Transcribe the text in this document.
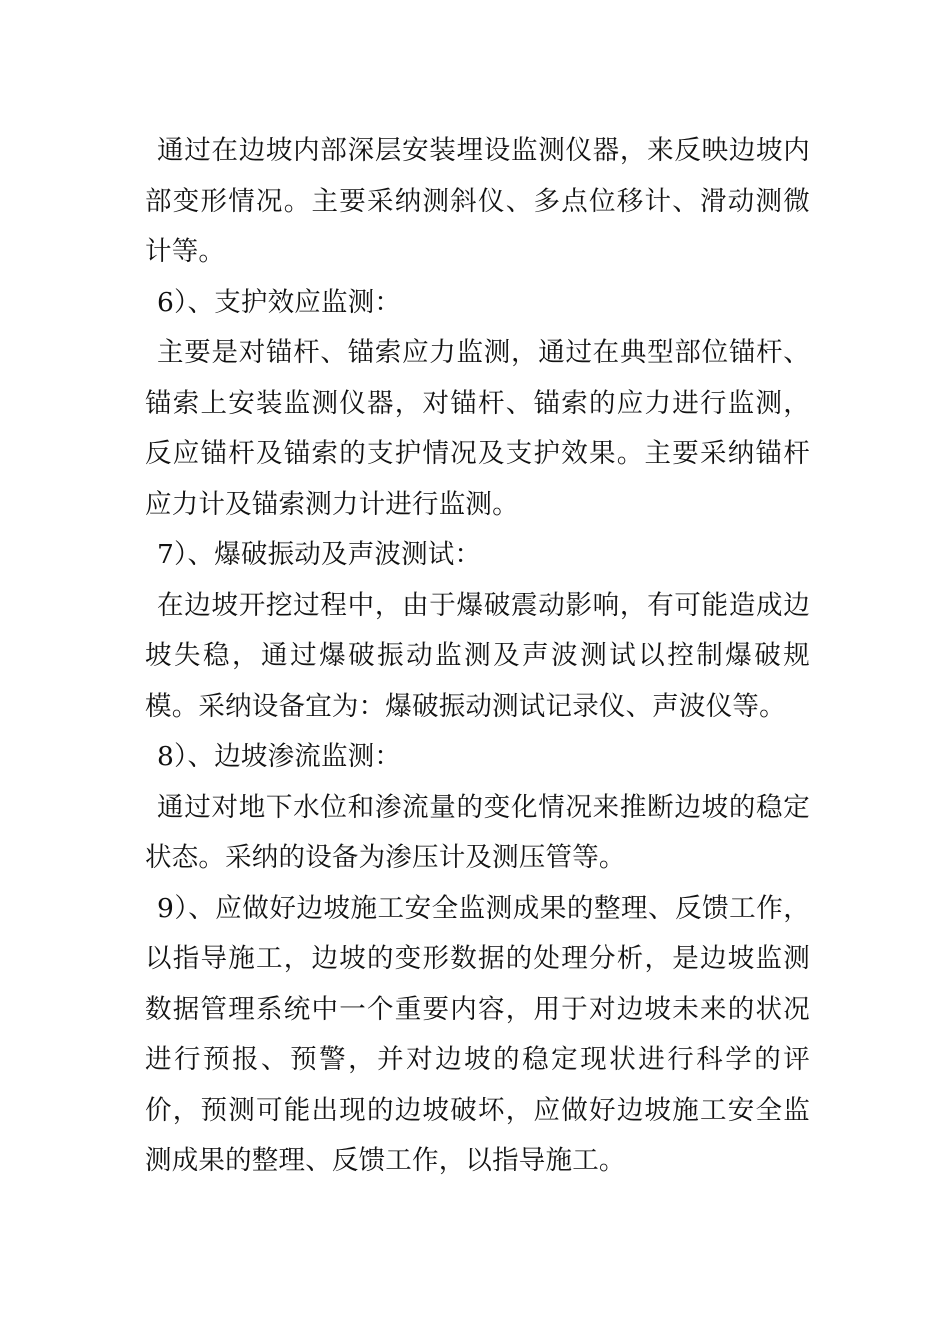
通过在边坡内部深层安装埋设监测仪器，来反映边坡内部变形情况。主要采纳测斜仪、多点位移计、滑动测微计等。

6）、支护效应监测：

主要是对锚杆、锚索应力监测，通过在典型部位锚杆、锚索上安装监测仪器，对锚杆、锚索的应力进行监测，反应锚杆及锚索的支护情况及支护效果。主要采纳锚杆应力计及锚索测力计进行监测。

7）、爆破振动及声波测试：

在边坡开挖过程中，由于爆破震动影响，有可能造成边坡失稳，通过爆破振动监测及声波测试以控制爆破规模。采纳设备宜为：爆破振动测试记录仪、声波仪等。

8）、边坡渗流监测：

通过对地下水位和渗流量的变化情况来推断边坡的稳定状态。采纳的设备为渗压计及测压管等。

9）、应做好边坡施工安全监测成果的整理、反馈工作，以指导施工，边坡的变形数据的处理分析，是边坡监测数据管理系统中一个重要内容，用于对边坡未来的状况进行预报、预警，并对边坡的稳定现状进行科学的评价，预测可能出现的边坡破坏，应做好边坡施工安全监测成果的整理、反馈工作，以指导施工。
